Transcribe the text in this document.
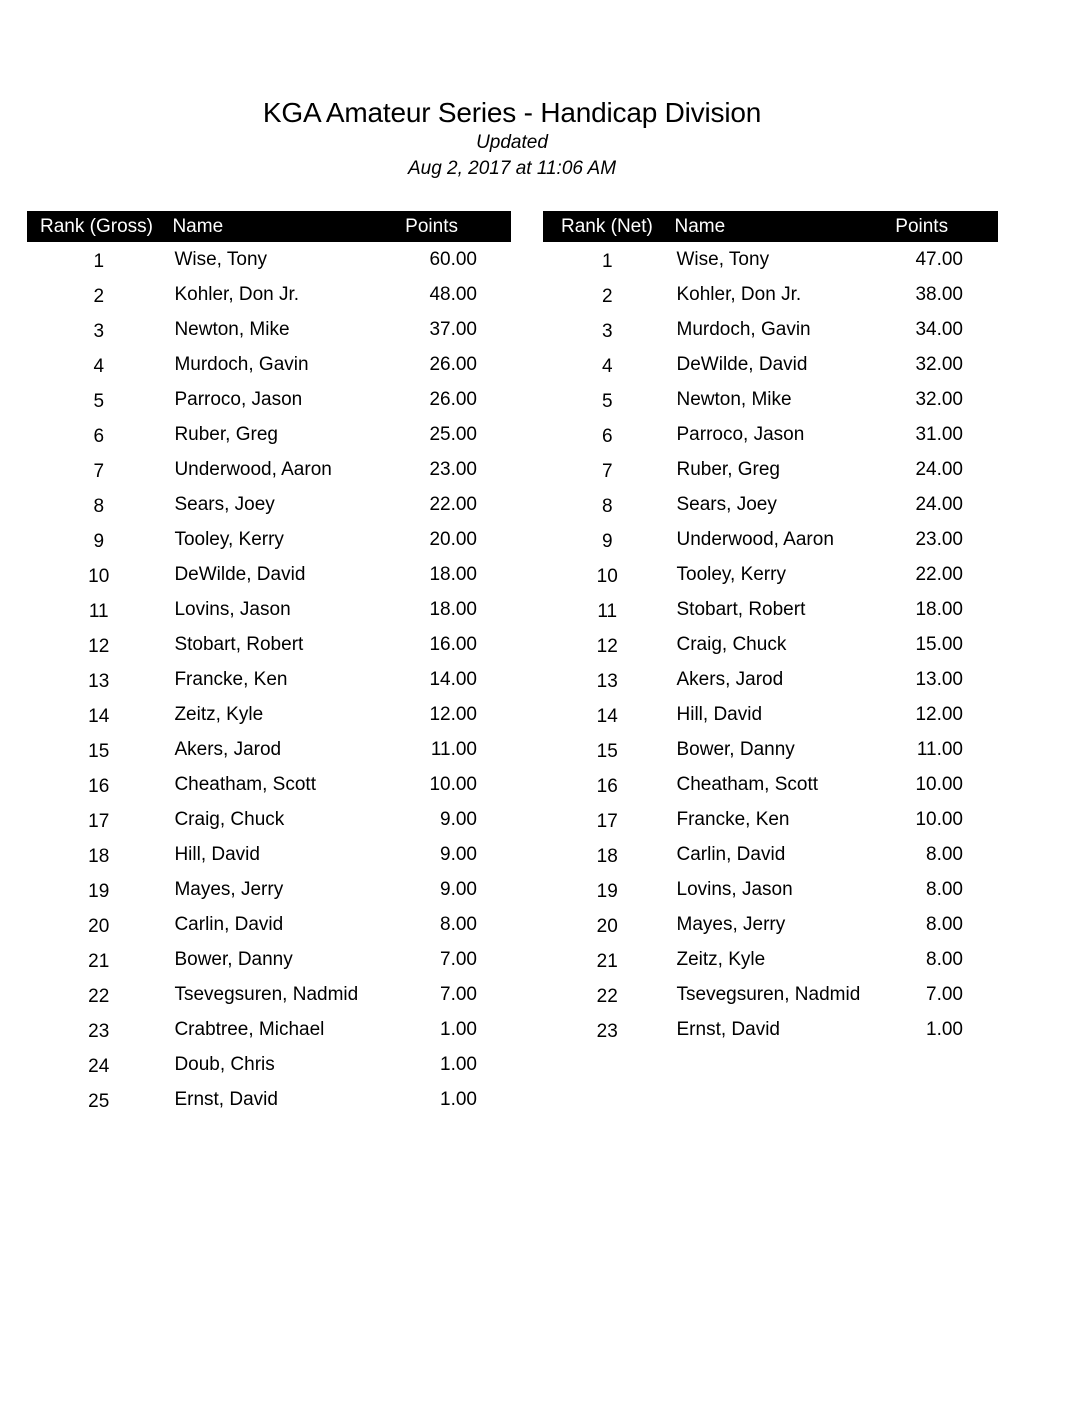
KGA Amateur Series - Handicap Division
Updated
Aug 2, 2017 at 11:06 AM
Rank (Gross)	Name	Points
1	Wise, Tony	60.00
2	Kohler, Don Jr.	48.00
3	Newton, Mike	37.00
4	Murdoch, Gavin	26.00
5	Parroco, Jason	26.00
6	Ruber, Greg	25.00
7	Underwood, Aaron	23.00
8	Sears, Joey	22.00
9	Tooley, Kerry	20.00
10	DeWilde, David	18.00
11	Lovins, Jason	18.00
12	Stobart, Robert	16.00
13	Francke, Ken	14.00
14	Zeitz, Kyle	12.00
15	Akers, Jarod	11.00
16	Cheatham, Scott	10.00
17	Craig, Chuck	9.00
18	Hill, David	9.00
19	Mayes, Jerry	9.00
20	Carlin, David	8.00
21	Bower, Danny	7.00
22	Tsevegsuren, Nadmid	7.00
23	Crabtree, Michael	1.00
24	Doub, Chris	1.00
25	Ernst, David	1.00
Rank (Net)	Name	Points
1	Wise, Tony	47.00
2	Kohler, Don Jr.	38.00
3	Murdoch, Gavin	34.00
4	DeWilde, David	32.00
5	Newton, Mike	32.00
6	Parroco, Jason	31.00
7	Ruber, Greg	24.00
8	Sears, Joey	24.00
9	Underwood, Aaron	23.00
10	Tooley, Kerry	22.00
11	Stobart, Robert	18.00
12	Craig, Chuck	15.00
13	Akers, Jarod	13.00
14	Hill, David	12.00
15	Bower, Danny	11.00
16	Cheatham, Scott	10.00
17	Francke, Ken	10.00
18	Carlin, David	8.00
19	Lovins, Jason	8.00
20	Mayes, Jerry	8.00
21	Zeitz, Kyle	8.00
22	Tsevegsuren, Nadmid	7.00
23	Ernst, David	1.00
